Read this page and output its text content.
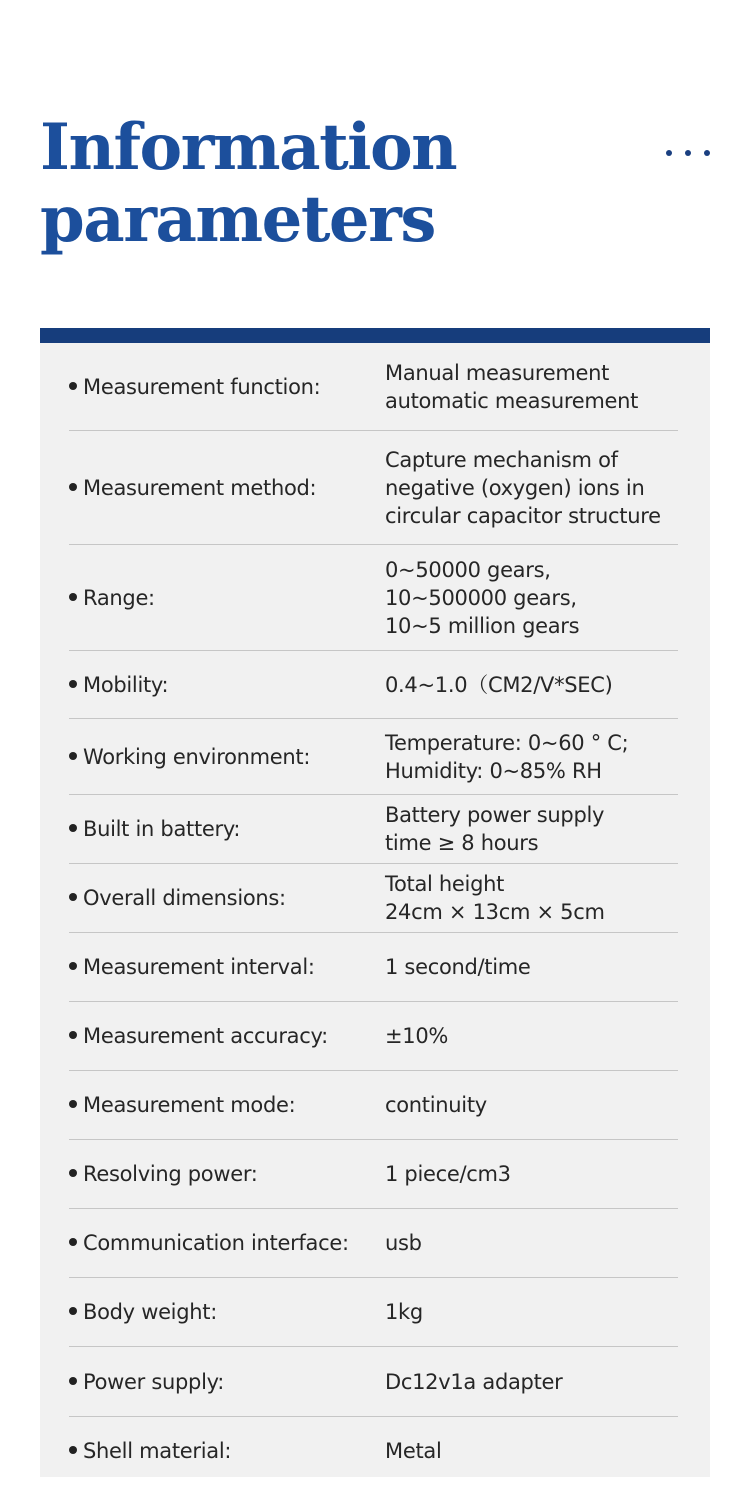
Information
parameters
Measurement function:
Manual measurement
automatic measurement
Measurement method:
Capture mechanism of
negative (oxygen) ions in
circular capacitor structure
Range:
0~50000 gears,
10~500000 gears,
10~5 million gears
Mobility:	0.4~1.0（CM2/V*SEC)
Working environment:
Temperature: 0~60 ° C;
Humidity: 0~85% RH
Built in battery:
Battery power supply
time ≥ 8 hours
Overall dimensions:
Total height
24cm × 13cm × 5cm
Measurement interval:	1 second/time
Measurement accuracy:	±10%
Measurement mode:	continuity
Resolving power:	1 piece/cm3
Communication interface: usb
Body weight:	1kg
Power supply:	Dc12v1a adapter
Shell material:	Metal
